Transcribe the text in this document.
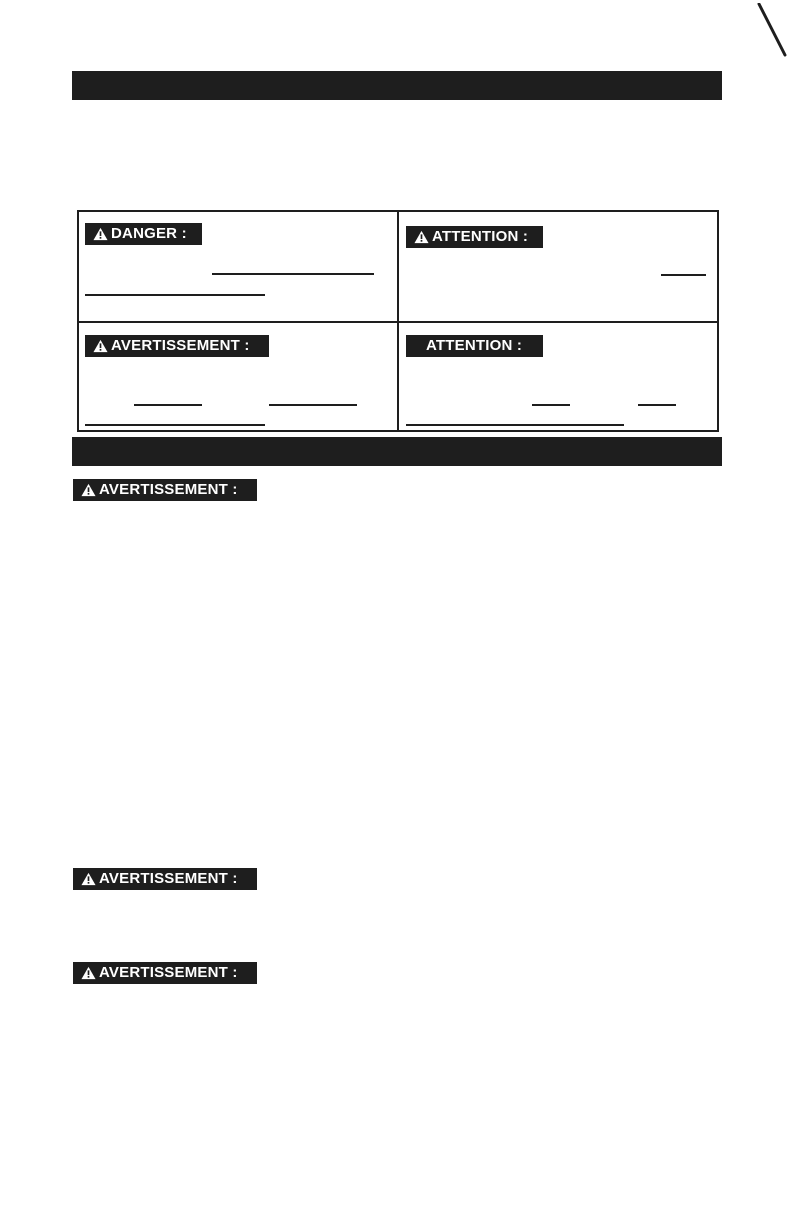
DANGER :	ATTENTION :
AVERTISSEMENT :	ATTENTION :
AVERTISSEMENT :
AVERTISSEMENT :
AVERTISSEMENT :
